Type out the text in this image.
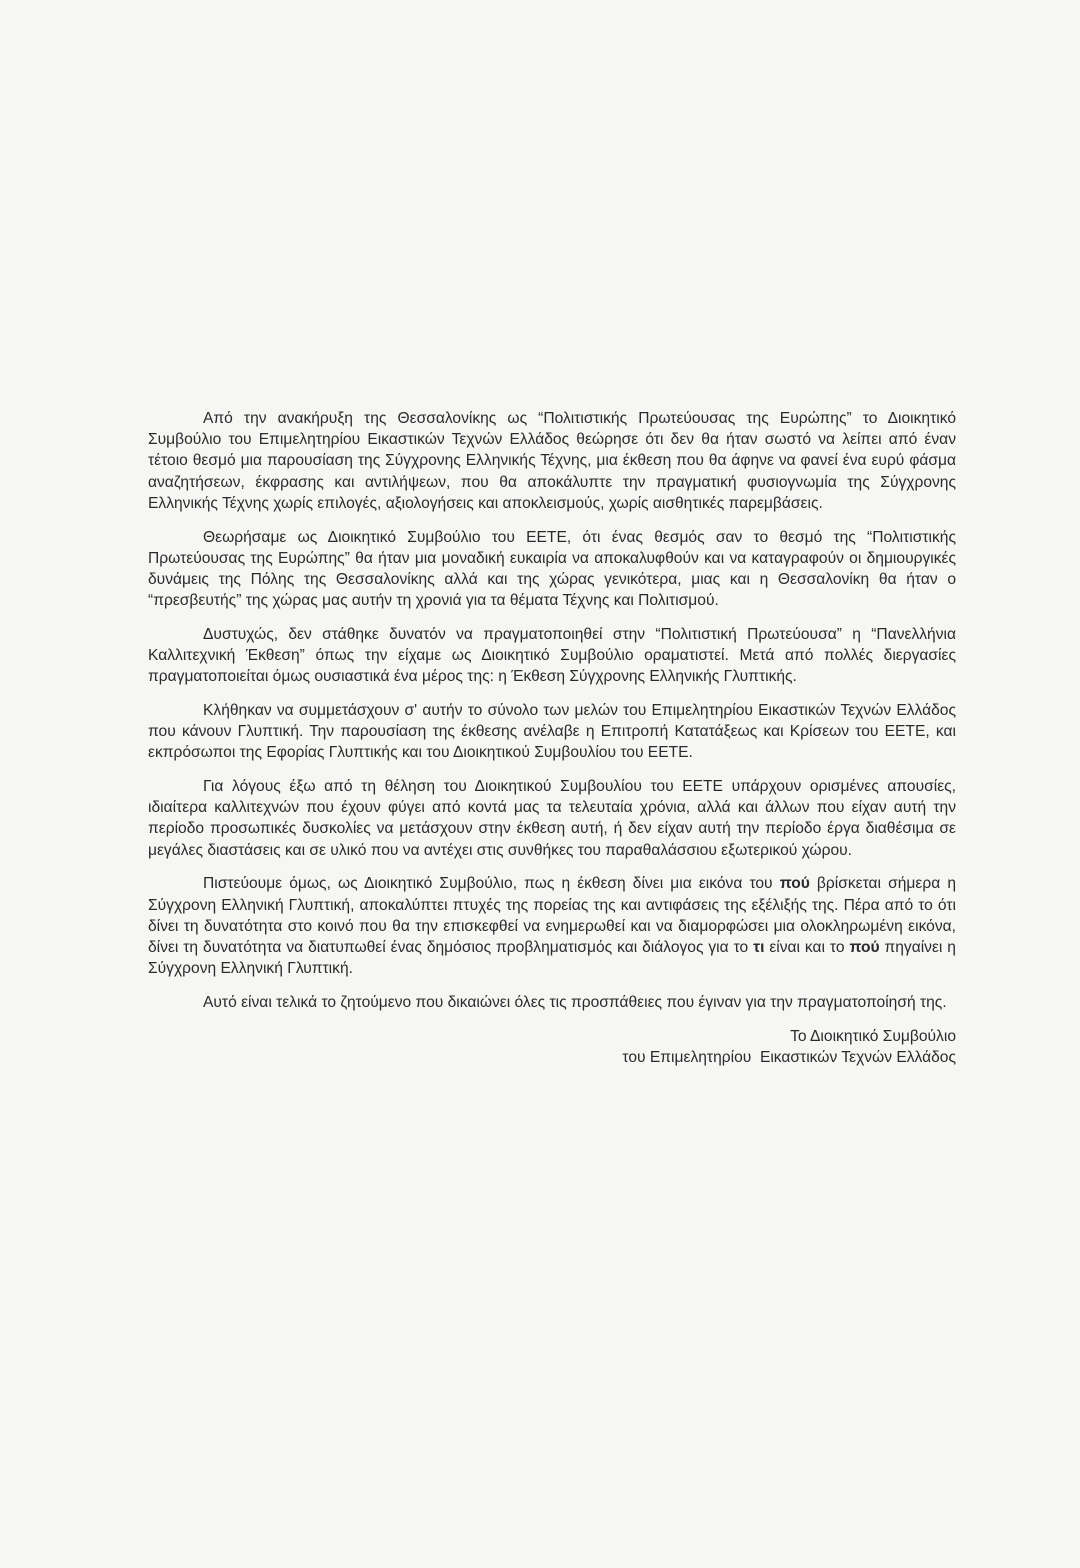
Από την ανακήρυξη της Θεσσαλονίκης ως “Πολιτιστικής Πρωτεύουσας της Ευρώπης” το Διοικητικό Συμβούλιο του Επιμελητηρίου Εικαστικών Τεχνών Ελλάδος θεώρησε ότι δεν θα ήταν σωστό να λείπει από έναν τέτοιο θεσμό μια παρουσίαση της Σύγχρονης Ελληνικής Τέχνης, μια έκθεση που θα άφηνε να φανεί ένα ευρύ φάσμα αναζητήσεων, έκφρασης και αντιλήψεων, που θα αποκάλυπτε την πραγματική φυσιογνωμία της Σύγχρονης Ελληνικής Τέχνης χωρίς επιλογές, αξιολογήσεις και αποκλεισμούς, χωρίς αισθητικές παρεμβάσεις.

Θεωρήσαμε ως Διοικητικό Συμβούλιο του ΕΕΤΕ, ότι ένας θεσμός σαν το θεσμό της “Πολιτιστικής Πρωτεύουσας της Ευρώπης” θα ήταν μια μοναδική ευκαιρία να αποκαλυφθούν και να καταγραφούν οι δημιουργικές δυνάμεις της Πόλης της Θεσσαλονίκης αλλά και της χώρας γενικότερα, μιας και η Θεσσαλονίκη θα ήταν ο “πρεσβευτής” της χώρας μας αυτήν τη χρονιά για τα θέματα Τέχνης και Πολιτισμού.

Δυστυχώς, δεν στάθηκε δυνατόν να πραγματοποιηθεί στην “Πολιτιστική Πρωτεύουσα” η “Πανελλήνια Καλλιτεχνική Έκθεση” όπως την είχαμε ως Διοικητικό Συμβούλιο οραματιστεί. Μετά από πολλές διεργασίες πραγματοποιείται όμως ουσιαστικά ένα μέρος της: η Έκθεση Σύγχρονης Ελληνικής Γλυπτικής.

Κλήθηκαν να συμμετάσχουν σ' αυτήν το σύνολο των μελών του Επιμελητηρίου Εικαστικών Τεχνών Ελλάδος που κάνουν Γλυπτική. Την παρουσίαση της έκθεσης ανέλαβε η Επιτροπή Κατατάξεως και Κρίσεων του ΕΕΤΕ, και εκπρόσωποι της Εφορίας Γλυπτικής και του Διοικητικού Συμβουλίου του ΕΕΤΕ.

Για λόγους έξω από τη θέληση του Διοικητικού Συμβουλίου του ΕΕΤΕ υπάρχουν ορισμένες απουσίες, ιδιαίτερα καλλιτεχνών που έχουν φύγει από κοντά μας τα τελευταία χρόνια, αλλά και άλλων που είχαν αυτή την περίοδο προσωπικές δυσκολίες να μετάσχουν στην έκθεση αυτή, ή δεν είχαν αυτή την περίοδο έργα διαθέσιμα σε μεγάλες διαστάσεις και σε υλικό που να αντέχει στις συνθήκες του παραθαλάσσιου εξωτερικού χώρου.

Πιστεύουμε όμως, ως Διοικητικό Συμβούλιο, πως η έκθεση δίνει μια εικόνα του πού βρίσκεται σήμερα η Σύγχρονη Ελληνική Γλυπτική, αποκαλύπτει πτυχές της πορείας της και αντιφάσεις της εξέλιξής της. Πέρα από το ότι δίνει τη δυνατότητα στο κοινό που θα την επισκεφθεί να ενημερωθεί και να διαμορφώσει μια ολοκληρωμένη εικόνα, δίνει τη δυνατότητα να διατυπωθεί ένας δημόσιος προβληματισμός και διάλογος για το τι είναι και το πού πηγαίνει η Σύγχρονη Ελληνική Γλυπτική.

Αυτό είναι τελικά το ζητούμενο που δικαιώνει όλες τις προσπάθειες που έγιναν για την πραγματοποίησή της.

Το Διοικητικό Συμβούλιο
του Επιμελητηρίου  Εικαστικών Τεχνών Ελλάδος
